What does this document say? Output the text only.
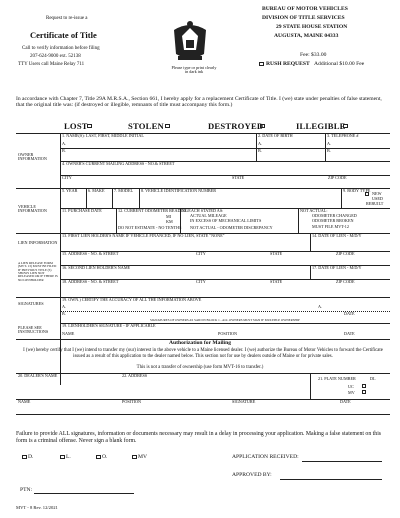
Request to re-issue a
Certificate of Title
Call to verify information before filing
207-624-9000 ext. 52138
TTY Users call Maine Relay 711
Please type or print clearly in dark ink
BUREAU OF MOTOR VEHICLES
DIVISION OF TITLE SERVICES
29 STATE HOUSE STATION
AUGUSTA, MAINE 04333
Fee: $33.00
RUSH REQUEST Additional $10.00 Fee
In accordance with Chapter 7, Title 29A M.R.S.A., Section 661, I hereby apply for a replacement Certificate of Title. I (we) state under penalties of false statement, that the original title was: (if destroyed or illegible, remnants of title must accompany this form.)
LOST	STOLEN	DESTROYED	ILLEGIBLE
OWNER INFORMATION
1. NAME(S): LAST, FIRST, MIDDLE INITIAL	2. DATE OF BIRTH	3. TELEPHONE #
A.	A.	A.
B.	B.	B.
4. OWNER'S CURRENT MAILING ADDRESS - NO.& STREET
CITY	STATE	ZIP CODE
VEHICLE INFORMATION
5. YEAR	6. MAKE 7. MODEL 8. VEHICLE IDENTIFICATION NUMBER	9. BODY TYPE
NEW
USED
REBUILT
11. PURCHASE DATE	12. CURRENT ODOMETER READING
MI
KM
DO NOT ESTIMATE - NO TENTHS
13. EACH STATED AS:
ACTUAL MILEAGE
IN EXCESS OF MECHANICAL LIMITS
NOT ACTUAL - ODOMETER DISCREPANCY
NOT ACTUAL:
ODOMETER CHANGED
ODOMETER BROKEN
MUST FILE MVT-12
LIEN INFORMATION
A LIEN RELEASE FORM (MVT- 13) MUST BE FILED IF PREVIOUS TITLE (S) SHOWS LIEN NOT RELEASED OR IF THERE IS NO LIENHOLDER
13. FIRST LIEN HOLDER'S NAME IF VEHICLE FINANCED, IF NO LIEN, STATE "NONE"	14. DATE OF LIEN - M/D/Y
15. ADDRESS - NO. & STREET	CITY	STATE	ZIP CODE
16. SECOND LIEN HOLDER'S NAME	17. DATE OF LIEN - M/D/Y
18. ADDRESS - NO. & STREET	CITY	STATE	ZIP CODE
SIGNATURES
PLEASE SEE INSTRUCTIONS
19. OWN.) CERTIFY THE ACCURACY OF ALL THE INFORMATION ABOVE
A.	A.
B.	DATE
SIGNATURES OF OWNERS AS SAID IN BLOCK 1 - ALL OWNERS MUST SIGN IF MULTIPLE OWNERSHIP
19. LIENHOLDER'S SIGNATURE - IF APPLICABLE
NAME	POSITION	DATE
Authorization for Mailing
I (we) hereby certify that I (we) intend to transfer my (our) interest in the above vehicle to a Maine licensed dealer. I (we) authorize the Bureau of Motor Vehicles to forward the Certificate issued as a result of this application to the dealer named below. This section not for use by dealers outside of Maine or for private sales.
This is not a transfer of ownership (use form MVT-16 to transfer.)
20. DEALER'S NAME	22. ADDRESS
21. PLATE NUMBER
UC
MV
DL
NAME	POSITION	SIGNATURE	DATE
Failure to provide ALL signatures, information or documents necessary may result in a delay in processing your application. Making a false statement on this form is a criminal offense. Never sign a blank form.
D.	L.	O.	MV	APPLICATION RECEIVED:
APPROVED BY:
PTN:
MVT - 8 Rev. 12/2021
